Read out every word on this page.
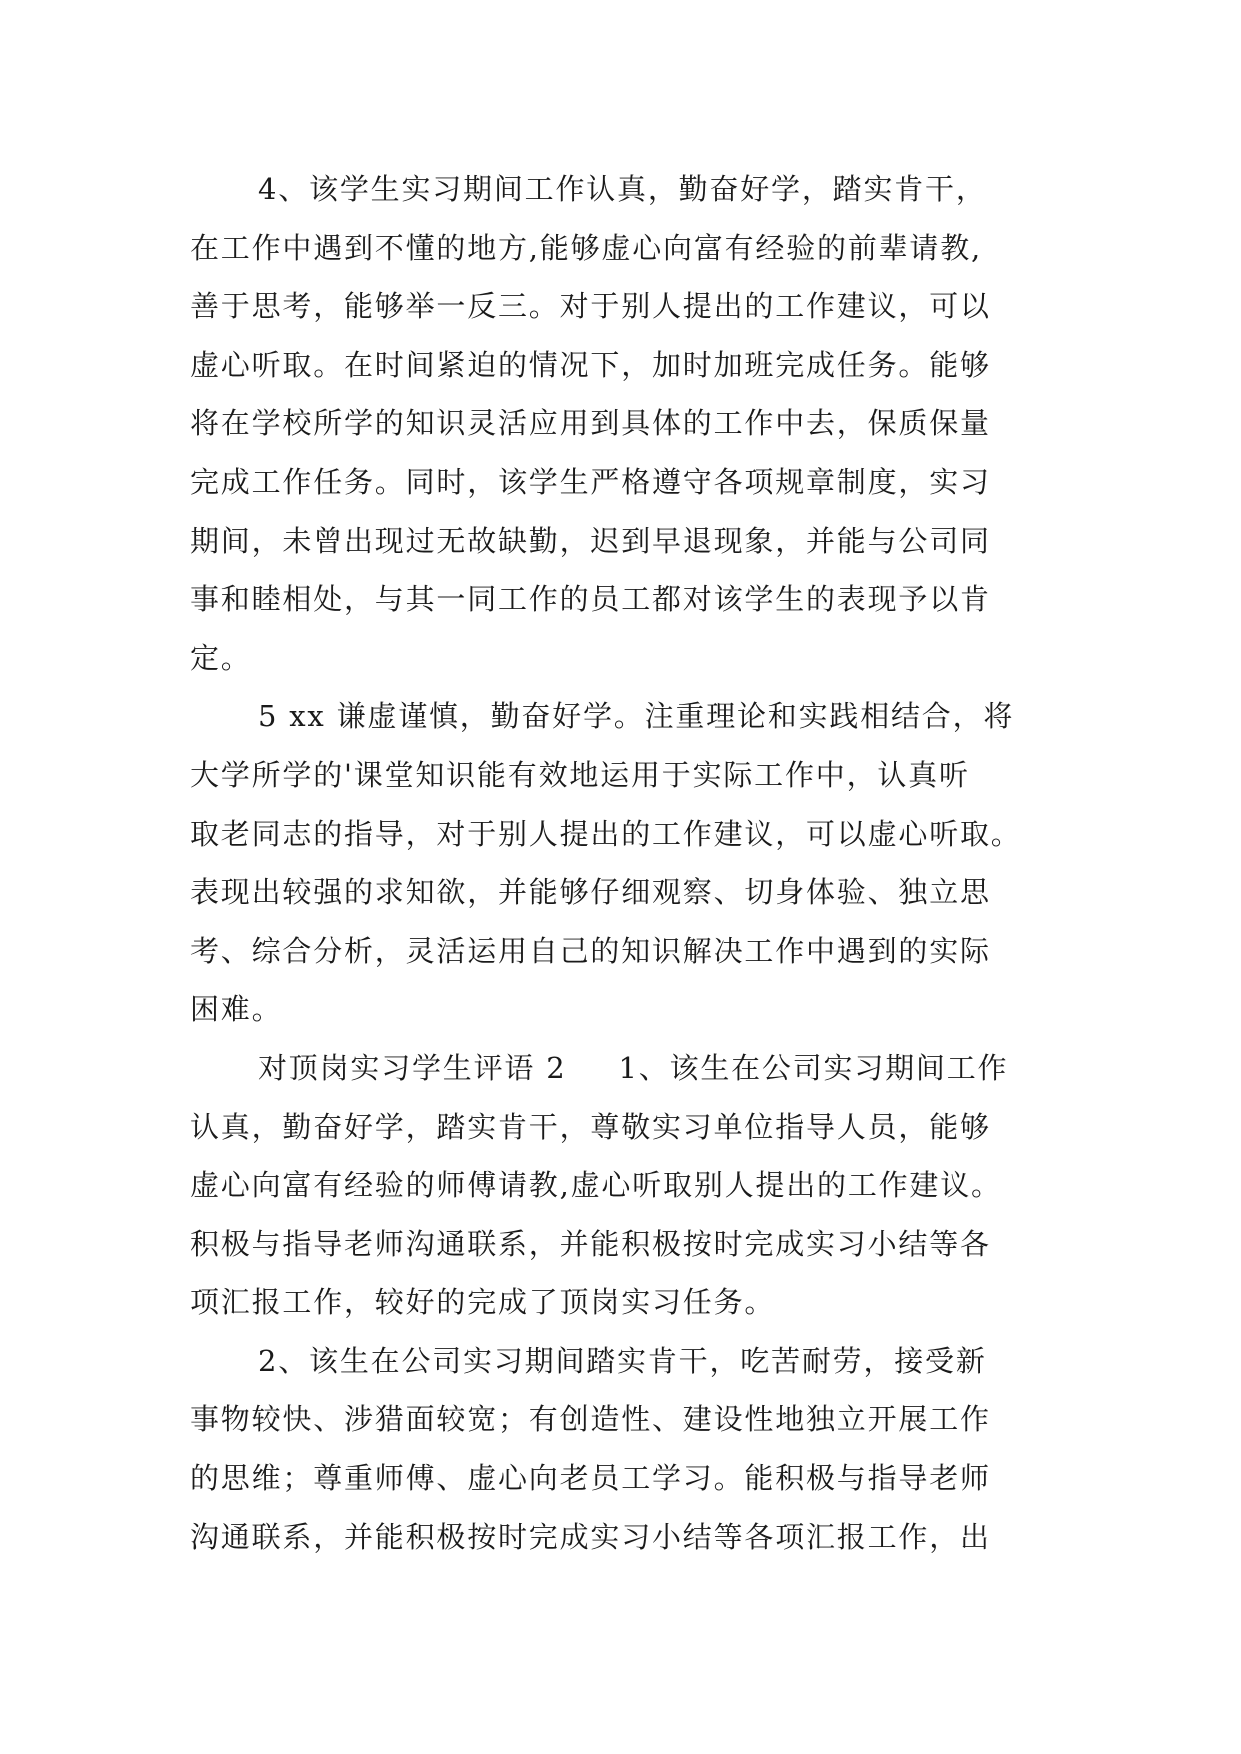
4、该学生实习期间工作认真，勤奋好学，踏实肯干，
在工作中遇到不懂的地方,能够虚心向富有经验的前辈请教,
善于思考，能够举一反三。对于别人提出的工作建议，可以
虚心听取。在时间紧迫的情况下，加时加班完成任务。能够
将在学校所学的知识灵活应用到具体的工作中去，保质保量
完成工作任务。同时，该学生严格遵守各项规章制度，实习
期间，未曾出现过无故缺勤，迟到早退现象，并能与公司同
事和睦相处，与其一同工作的员工都对该学生的表现予以肯
定。
5 xx 谦虚谨慎，勤奋好学。注重理论和实践相结合，将
大学所学的'课堂知识能有效地运用于实际工作中，认真听
取老同志的指导，对于别人提出的工作建议，可以虚心听取。
表现出较强的求知欲，并能够仔细观察、切身体验、独立思
考、综合分析，灵活运用自己的知识解决工作中遇到的实际
困难。
对顶岗实习学生评语 2 1、该生在公司实习期间工作
认真，勤奋好学，踏实肯干，尊敬实习单位指导人员，能够
虚心向富有经验的师傅请教,虚心听取别人提出的工作建议。
积极与指导老师沟通联系，并能积极按时完成实习小结等各
项汇报工作，较好的完成了顶岗实习任务。
2、该生在公司实习期间踏实肯干，吃苦耐劳，接受新
事物较快、涉猎面较宽；有创造性、建设性地独立开展工作
的思维；尊重师傅、虚心向老员工学习。能积极与指导老师
沟通联系，并能积极按时完成实习小结等各项汇报工作，出
